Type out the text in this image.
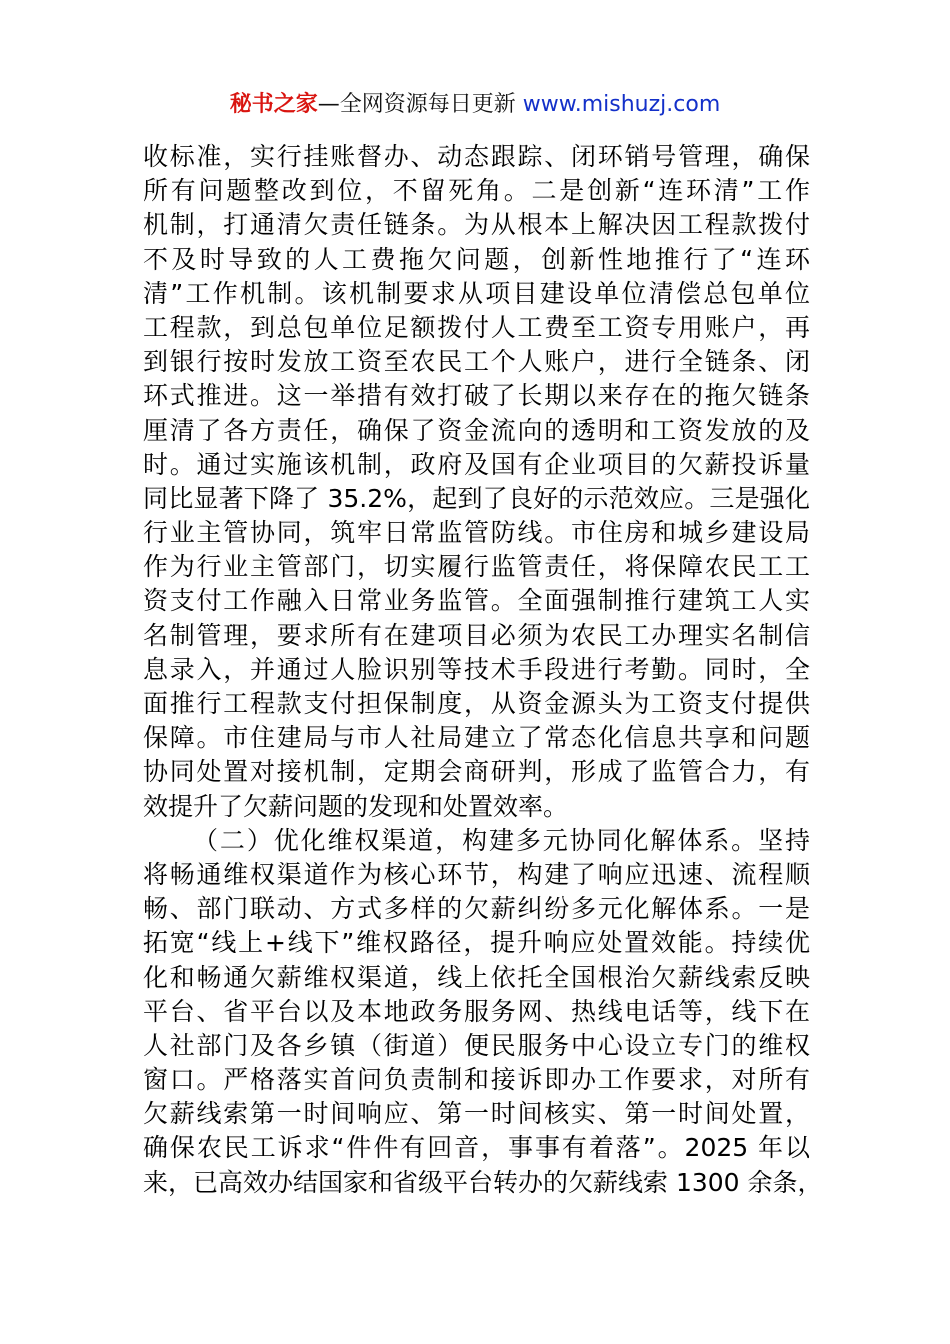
秘书之家—全网资源每日更新 www.mishuzj.com
收标准，实行挂账督办、动态跟踪、闭环销号管理，确保
所有问题整改到位，不留死角。二是创新“连环清”工作
机制，打通清欠责任链条。为从根本上解决因工程款拨付
不及时导致的人工费拖欠问题，创新性地推行了“连环
清”工作机制。该机制要求从项目建设单位清偿总包单位
工程款，到总包单位足额拨付人工费至工资专用账户，再
到银行按时发放工资至农民工个人账户，进行全链条、闭
环式推进。这一举措有效打破了长期以来存在的拖欠链条
厘清了各方责任，确保了资金流向的透明和工资发放的及
时。通过实施该机制，政府及国有企业项目的欠薪投诉量
同比显著下降了 35.2%，起到了良好的示范效应。三是强化
行业主管协同，筑牢日常监管防线。市住房和城乡建设局
作为行业主管部门，切实履行监管责任，将保障农民工工
资支付工作融入日常业务监管。全面强制推行建筑工人实
名制管理，要求所有在建项目必须为农民工办理实名制信
息录入，并通过人脸识别等技术手段进行考勤。同时，全
面推行工程款支付担保制度，从资金源头为工资支付提供
保障。市住建局与市人社局建立了常态化信息共享和问题
协同处置对接机制，定期会商研判，形成了监管合力，有
效提升了欠薪问题的发现和处置效率。
（二）优化维权渠道，构建多元协同化解体系。坚持
将畅通维权渠道作为核心环节，构建了响应迅速、流程顺
畅、部门联动、方式多样的欠薪纠纷多元化解体系。一是
拓宽“线上+线下”维权路径，提升响应处置效能。持续优
化和畅通欠薪维权渠道，线上依托全国根治欠薪线索反映
平台、省平台以及本地政务服务网、热线电话等，线下在
人社部门及各乡镇（街道）便民服务中心设立专门的维权
窗口。严格落实首问负责制和接诉即办工作要求，对所有
欠薪线索第一时间响应、第一时间核实、第一时间处置，
确保农民工诉求“件件有回音，事事有着落”。2025 年以
来，已高效办结国家和省级平台转办的欠薪线索 1300 余条，
